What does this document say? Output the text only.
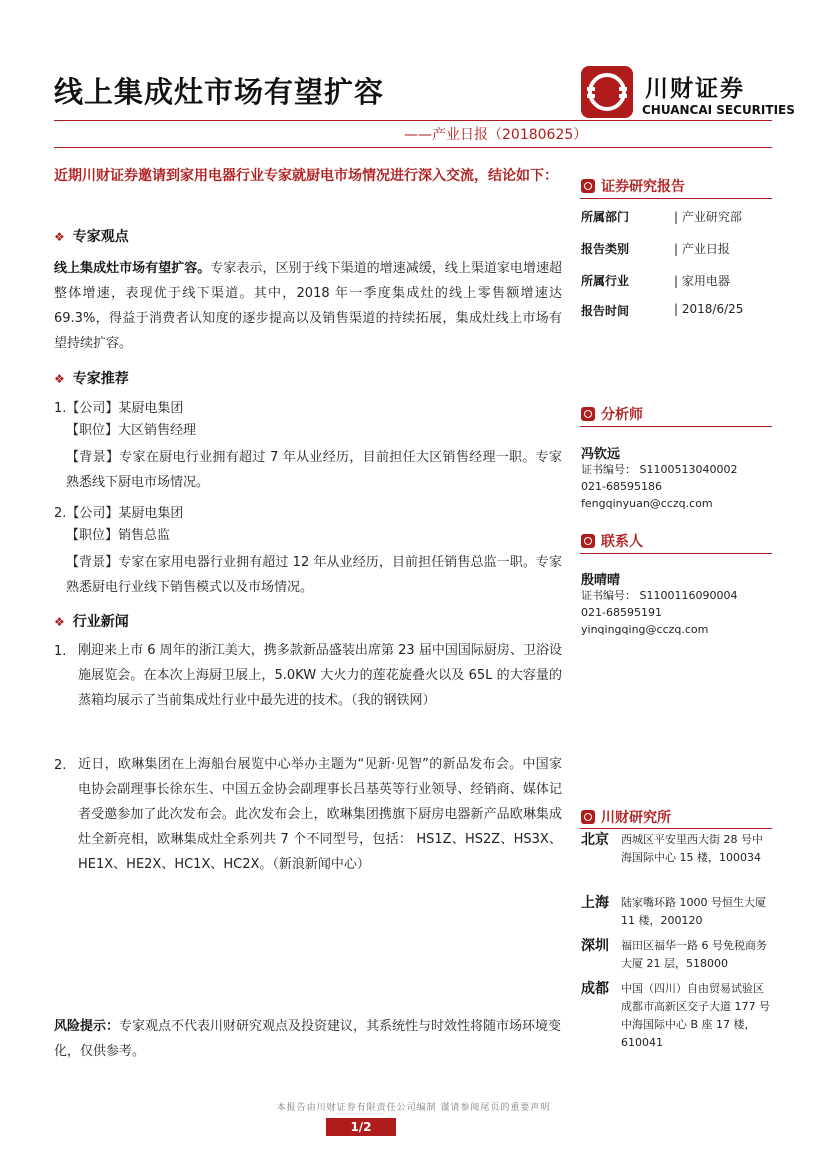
线上集成灶市场有望扩容	川财证券
CHUANCAI SECURITIES
——产业日报（20180625）
近期川财证券邀请到家用电器行业专家就厨电市场情况进行深入交流，结论如下：
❖ 专家观点
线上集成灶市场有望扩容。专家表示，区别于线下渠道的增速减缓，线上渠道家电增速超整体增速，表现优于线下渠道。其中，2018 年一季度集成灶的线上零售额增速达 69.3%，得益于消费者认知度的逐步提高以及销售渠道的持续拓展，集成灶线上市场有望持续扩容。
❖ 专家推荐
1.【公司】某厨电集团
【职位】大区销售经理
【背景】专家在厨电行业拥有超过 7 年从业经历，目前担任大区销售经理一职。专家熟悉线下厨电市场情况。
2.【公司】某厨电集团
【职位】销售总监
【背景】专家在家用电器行业拥有超过 12 年从业经历，目前担任销售总监一职。专家熟悉厨电行业线下销售模式以及市场情况。
❖ 行业新闻
1. 刚迎来上市 6 周年的浙江美大，携多款新品盛装出席第 23 届中国国际厨房、卫浴设施展览会。在本次上海厨卫展上，5.0KW 大火力的莲花旋叠火以及 65L 的大容量的蒸箱均展示了当前集成灶行业中最先进的技术。（我的钢铁网）
2. 近日，欧琳集团在上海船台展览中心举办主题为“见新·见智”的新品发布会。中国家电协会副理事长徐东生、中国五金协会副理事长吕基英等行业领导、经销商、媒体记者受邀参加了此次发布会。此次发布会上，欧琳集团携旗下厨房电器新产品欧琳集成灶全新亮相，欧琳集成灶全系列共 7 个不同型号，包括： HS1Z、HS2Z、HS3X、HE1X、HE2X、HC1X、HC2X。（新浪新闻中心）
风险提示：专家观点不代表川财研究观点及投资建议，其系统性与时效性将随市场环境变化，仅供参考。
证券研究报告
所属部门	| 产业研究部
报告类别	| 产业日报
所属行业	| 家用电器
报告时间	| 2018/6/25
分析师
冯钦远
证书编号： S1100513040002
021-68595186
fengqinyuan@cczq.com
联系人
殷晴晴
证书编号： S1100116090004
021-68595191
yinqingqing@cczq.com
川财研究所
北京 西城区平安里西大街 28 号中海国际中心 15 楼，100034
上海 陆家嘴环路 1000 号恒生大厦 11 楼，200120
深圳 福田区福华一路 6 号免税商务大厦 21 层，518000
成都 中国（四川）自由贸易试验区成都市高新区交子大道 177 号中海国际中心 B 座 17 楼，610041
本报告由川财证券有限责任公司编制 谨请参阅尾页的重要声明
1/2
